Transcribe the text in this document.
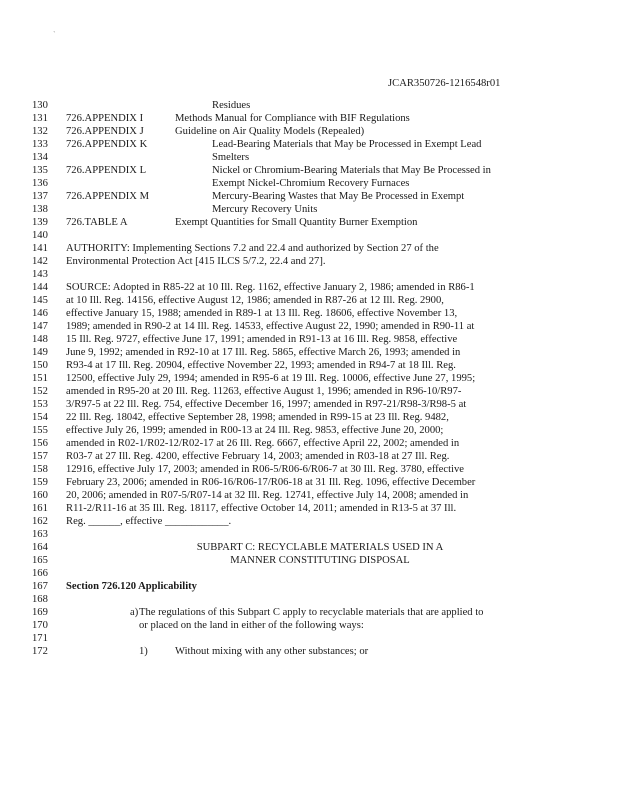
`
JCAR350726-1216548r01
130	Residues
131	726.APPENDIX I	Methods Manual for Compliance with BIF Regulations
132	726.APPENDIX J	Guideline on Air Quality Models (Repealed)
133	726.APPENDIX K	Lead-Bearing Materials that May be Processed in Exempt Lead
134	Smelters
135	726.APPENDIX L	Nickel or Chromium-Bearing Materials that May Be Processed in
136	Exempt Nickel-Chromium Recovery Furnaces
137	726.APPENDIX M	Mercury-Bearing Wastes that May Be Processed in Exempt
138	Mercury Recovery Units
139	726.TABLE A	Exempt Quantities for Small Quantity Burner Exemption
140
141	AUTHORITY: Implementing Sections 7.2 and 22.4 and authorized by Section 27 of the
142	Environmental Protection Act [415 ILCS 5/7.2, 22.4 and 27].
143
144	SOURCE: Adopted in R85-22 at 10 Ill. Reg. 1162, effective January 2, 1986; amended in R86-1
145	at 10 Ill. Reg. 14156, effective August 12, 1986; amended in R87-26 at 12 Ill. Reg. 2900,
146	effective January 15, 1988; amended in R89-1 at 13 Ill. Reg. 18606, effective November 13,
147	1989; amended in R90-2 at 14 Ill. Reg. 14533, effective August 22, 1990; amended in R90-11 at
148	15 Ill. Reg. 9727, effective June 17, 1991; amended in R91-13 at 16 Ill. Reg. 9858, effective
149	June 9, 1992; amended in R92-10 at 17 Ill. Reg. 5865, effective March 26, 1993; amended in
150	R93-4 at 17 Ill. Reg. 20904, effective November 22, 1993; amended in R94-7 at 18 Ill. Reg.
151	12500, effective July 29, 1994; amended in R95-6 at 19 Ill. Reg. 10006, effective June 27, 1995;
152	amended in R95-20 at 20 Ill. Reg. 11263, effective August 1, 1996; amended in R96-10/R97-
153	3/R97-5 at 22 Ill. Reg. 754, effective December 16, 1997; amended in R97-21/R98-3/R98-5 at
154	22 Ill. Reg. 18042, effective September 28, 1998; amended in R99-15 at 23 Ill. Reg. 9482,
155	effective July 26, 1999; amended in R00-13 at 24 Ill. Reg. 9853, effective June 20, 2000;
156	amended in R02-1/R02-12/R02-17 at 26 Ill. Reg. 6667, effective April 22, 2002; amended in
157	R03-7 at 27 Ill. Reg. 4200, effective February 14, 2003; amended in R03-18 at 27 Ill. Reg.
158	12916, effective July 17, 2003; amended in R06-5/R06-6/R06-7 at 30 Ill. Reg. 3780, effective
159	February 23, 2006; amended in R06-16/R06-17/R06-18 at 31 Ill. Reg. 1096, effective December
160	20, 2006; amended in R07-5/R07-14 at 32 Ill. Reg. 12741, effective July 14, 2008; amended in
161	R11-2/R11-16 at 35 Ill. Reg. 18117, effective October 14, 2011; amended in R13-5 at 37 Ill.
162	Reg. ______, effective ____________.
163
164	SUBPART C: RECYCLABLE MATERIALS USED IN A
165	MANNER CONSTITUTING DISPOSAL
166
167	Section 726.120 Applicability
168
169	a) The regulations of this Subpart C apply to recyclable materials that are applied to
170	or placed on the land in either of the following ways:
171
172	1)	Without mixing with any other substances; or
